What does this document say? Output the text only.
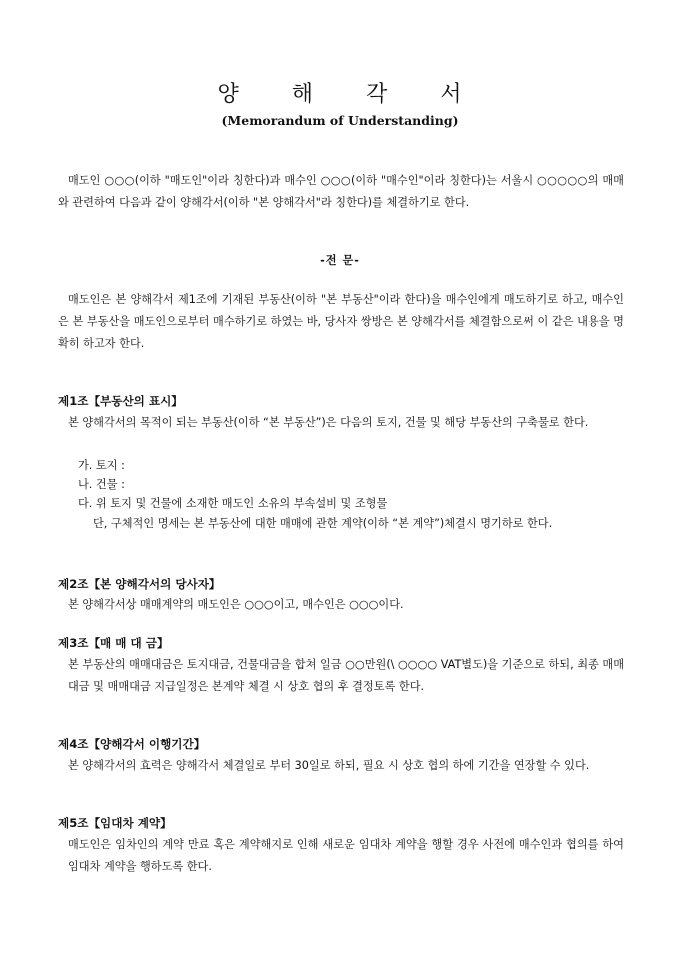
양 해 각 서
(Memorandum of Understanding)
매도인 ○○○(이하 "매도인"이라 칭한다)과 매수인 ○○○(이하 "매수인"이라 칭한다)는 서울시 ○○○○○의 매매와 관련하여 다음과 같이 양해각서(이하 "본 양해각서"라 칭한다)를 체결하기로 한다.
-전 문-
매도인은 본 양해각서 제1조에 기재된 부동산(이하 "본 부동산"이라 한다)을 매수인에게 매도하기로 하고, 매수인은 본 부동산을 매도인으로부터 매수하기로 하였는 바, 당사자 쌍방은 본 양해각서를 체결함으로써 이 같은 내용을 명확히 하고자 한다.
제1조【부동산의 표시】
본 양해각서의 목적이 되는 부동산(이하 “본 부동산”)은 다음의 토지, 건물 및 해당 부동산의 구축물로 한다.
가. 토지 :
나. 건물 :
다. 위 토지 및 건물에 소재한 매도인 소유의 부속설비 및 조형물
단, 구체적인 명세는 본 부동산에 대한 매매에 관한 계약(이하 “본 계약”)체결시 명기하로 한다.
제2조【본 양해각서의 당사자】
본 양해각서상 매매계약의 매도인은 ○○○이고, 매수인은 ○○○이다.
제3조【매 매 대 금】
본 부동산의 매매대금은 토지대금, 건물대금을 합쳐 일금 ○○만원(\ ○○○○ VAT별도)을 기준으로 하되, 최종 매매대금 및 매매대금 지급일정은 본계약 체결 시 상호 협의 후 결정토록 한다.
제4조【양해각서 이행기간】
본 양해각서의 효력은 양해각서 체결일로 부터 30일로 하되, 필요 시 상호 협의 하에 기간을 연장할 수 있다.
제5조【임대차 계약】
매도인은 임차인의 계약 만료 혹은 계약해지로 인해 새로운 임대차 계약을 행할 경우 사전에 매수인과 협의를 하여 임대차 계약을 행하도록 한다.
